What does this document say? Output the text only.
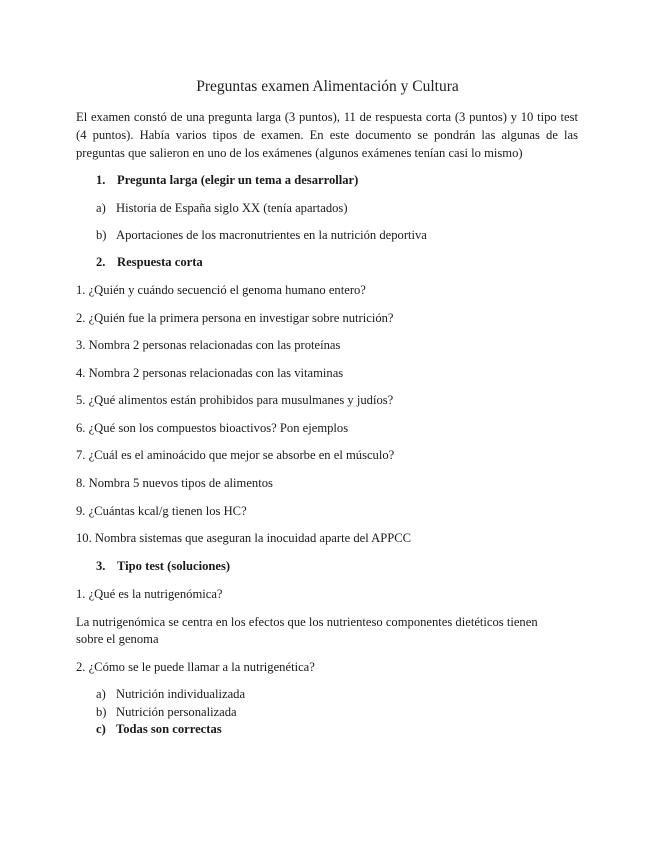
Preguntas examen Alimentación y Cultura
El examen constó de una pregunta larga (3 puntos), 11 de respuesta corta (3 puntos) y 10 tipo test (4 puntos). Había varios tipos de examen. En este documento se pondrán las algunas de las preguntas que salieron en uno de los exámenes (algunos exámenes tenían casi lo mismo)
1. Pregunta larga (elegir un tema a desarrollar)
a) Historia de España siglo XX (tenía apartados)
b) Aportaciones de los macronutrientes en la nutrición deportiva
2. Respuesta corta
1. ¿Quién y cuándo secuenció el genoma humano entero?
2. ¿Quién fue la primera persona en investigar sobre nutrición?
3. Nombra 2 personas relacionadas con las proteínas
4. Nombra 2 personas relacionadas con las vitaminas
5. ¿Qué alimentos están prohibidos para musulmanes y judíos?
6. ¿Qué son los compuestos bioactivos? Pon ejemplos
7. ¿Cuál es el aminoácido que mejor se absorbe en el músculo?
8. Nombra 5 nuevos tipos de alimentos
9. ¿Cuántas kcal/g tienen los HC?
10. Nombra sistemas que aseguran la inocuidad aparte del APPCC
3. Tipo test (soluciones)
1. ¿Qué es la nutrigenómica?
La nutrigenómica se centra en los efectos que los nutrienteso componentes dietéticos tienen sobre el genoma
2. ¿Cómo se le puede llamar a la nutrigenética?
a) Nutrición individualizada
b) Nutrición personalizada
c) Todas son correctas
